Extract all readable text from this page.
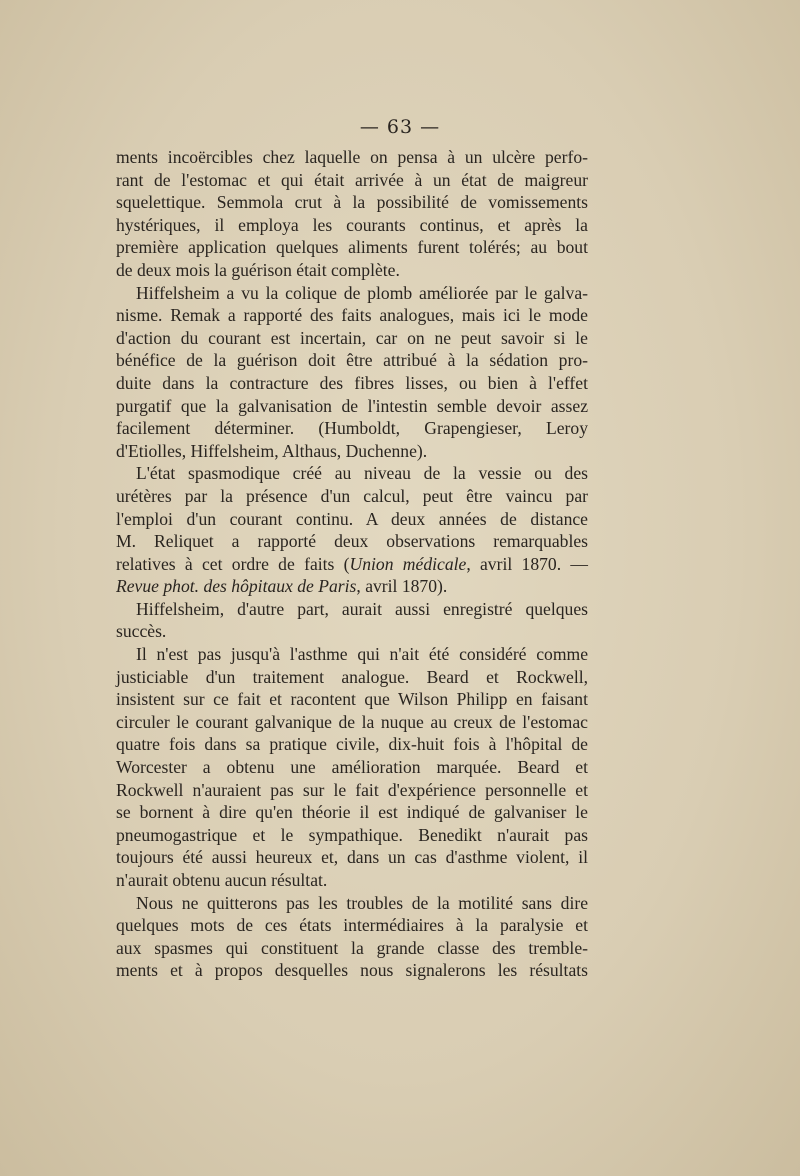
— 63 —
ments incoërcibles chez laquelle on pensa à un ulcère perfo-
rant de l'estomac et qui était arrivée à un état de maigreur
squelettique. Semmola crut à la possibilité de vomissements
hystériques, il employa les courants continus, et après la
première application quelques aliments furent tolérés; au bout
de deux mois la guérison était complète.
Hiffelsheim a vu la colique de plomb améliorée par le galva-
nisme. Remak a rapporté des faits analogues, mais ici le mode
d'action du courant est incertain, car on ne peut savoir si le
bénéfice de la guérison doit être attribué à la sédation pro-
duite dans la contracture des fibres lisses, ou bien à l'effet
purgatif que la galvanisation de l'intestin semble devoir assez
facilement déterminer. (Humboldt, Grapengieser, Leroy
d'Etiolles, Hiffelsheim, Althaus, Duchenne).
L'état spasmodique créé au niveau de la vessie ou des
urétères par la présence d'un calcul, peut être vaincu par
l'emploi d'un courant continu. A deux années de distance
M. Reliquet a rapporté deux observations remarquables
relatives à cet ordre de faits (Union médicale, avril 1870. —
Revue phot. des hôpitaux de Paris, avril 1870).
Hiffelsheim, d'autre part, aurait aussi enregistré quelques
succès.
Il n'est pas jusqu'à l'asthme qui n'ait été considéré comme
justiciable d'un traitement analogue. Beard et Rockwell,
insistent sur ce fait et racontent que Wilson Philipp en faisant
circuler le courant galvanique de la nuque au creux de l'estomac
quatre fois dans sa pratique civile, dix-huit fois à l'hôpital de
Worcester a obtenu une amélioration marquée. Beard et
Rockwell n'auraient pas sur le fait d'expérience personnelle et
se bornent à dire qu'en théorie il est indiqué de galvaniser le
pneumogastrique et le sympathique. Benedikt n'aurait pas
toujours été aussi heureux et, dans un cas d'asthme violent, il
n'aurait obtenu aucun résultat.
Nous ne quitterons pas les troubles de la motilité sans dire
quelques mots de ces états intermédiaires à la paralysie et
aux spasmes qui constituent la grande classe des tremble-
ments et à propos desquelles nous signalerons les résultats
